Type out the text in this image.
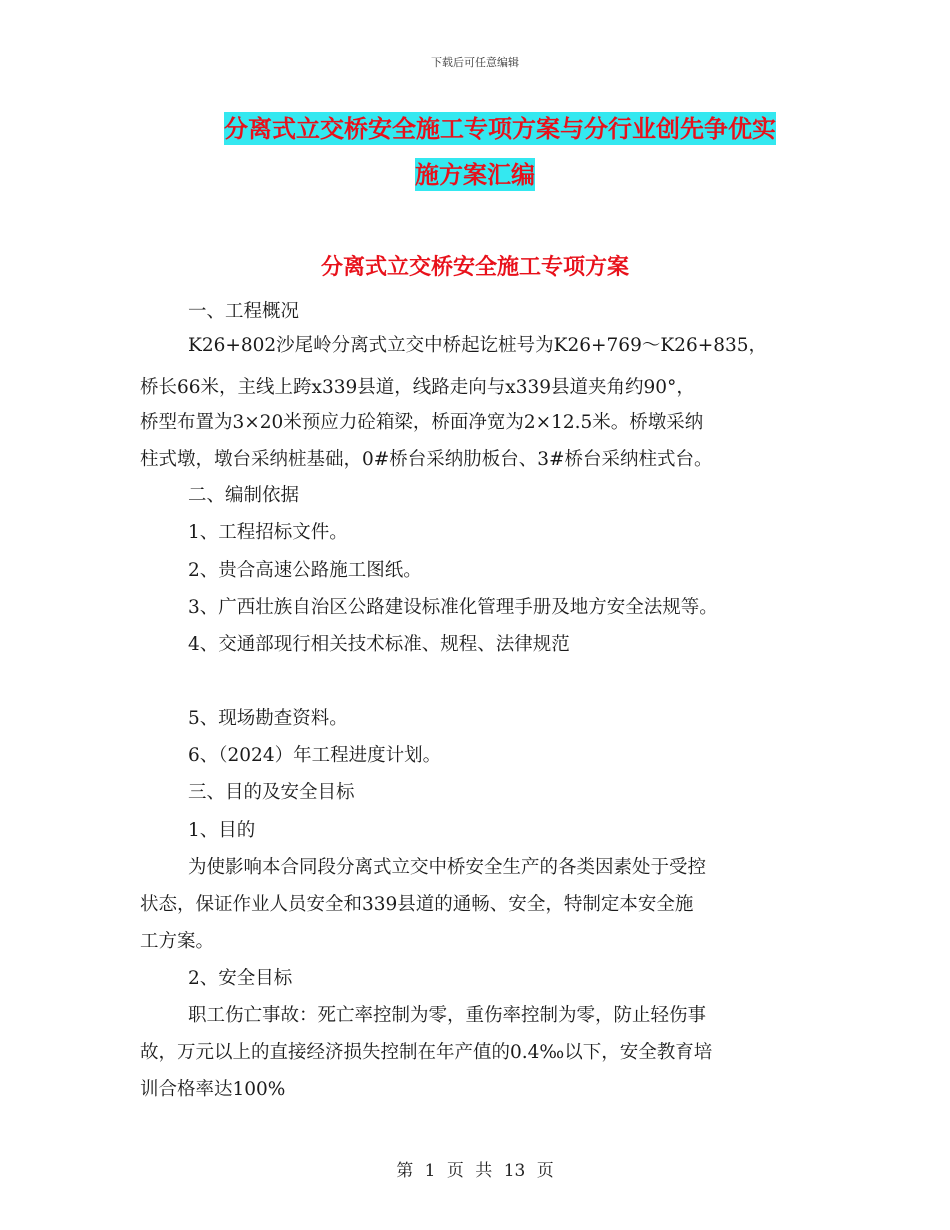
下载后可任意编辑
分离式立交桥安全施工专项方案与分行业创先争优实
施方案汇编
分离式立交桥安全施工专项方案
一、工程概况
K26+802沙尾岭分离式立交中桥起讫桩号为K26+769～K26+835，
桥长66米，主线上跨x339县道，线路走向与x339县道夹角约90°，
桥型布置为3×20米预应力砼箱梁，桥面净宽为2×12.5米。桥墩采纳
柱式墩，墩台采纳桩基础，0#桥台采纳肋板台、3#桥台采纳柱式台。
二、编制依据
1、工程招标文件。
2、贵合高速公路施工图纸。
3、广西壮族自治区公路建设标准化管理手册及地方安全法规等。
4、交通部现行相关技术标准、规程、法律规范
5、现场勘查资料。
6、（2024）年工程进度计划。
三、目的及安全目标
1、目的
为使影响本合同段分离式立交中桥安全生产的各类因素处于受控
状态，保证作业人员安全和339县道的通畅、安全，特制定本安全施
工方案。
2、安全目标
职工伤亡事故：死亡率控制为零，重伤率控制为零，防止轻伤事
故，万元以上的直接经济损失控制在年产值的0.4‰以下，安全教育培
训合格率达100%
第 1 页 共 13 页
